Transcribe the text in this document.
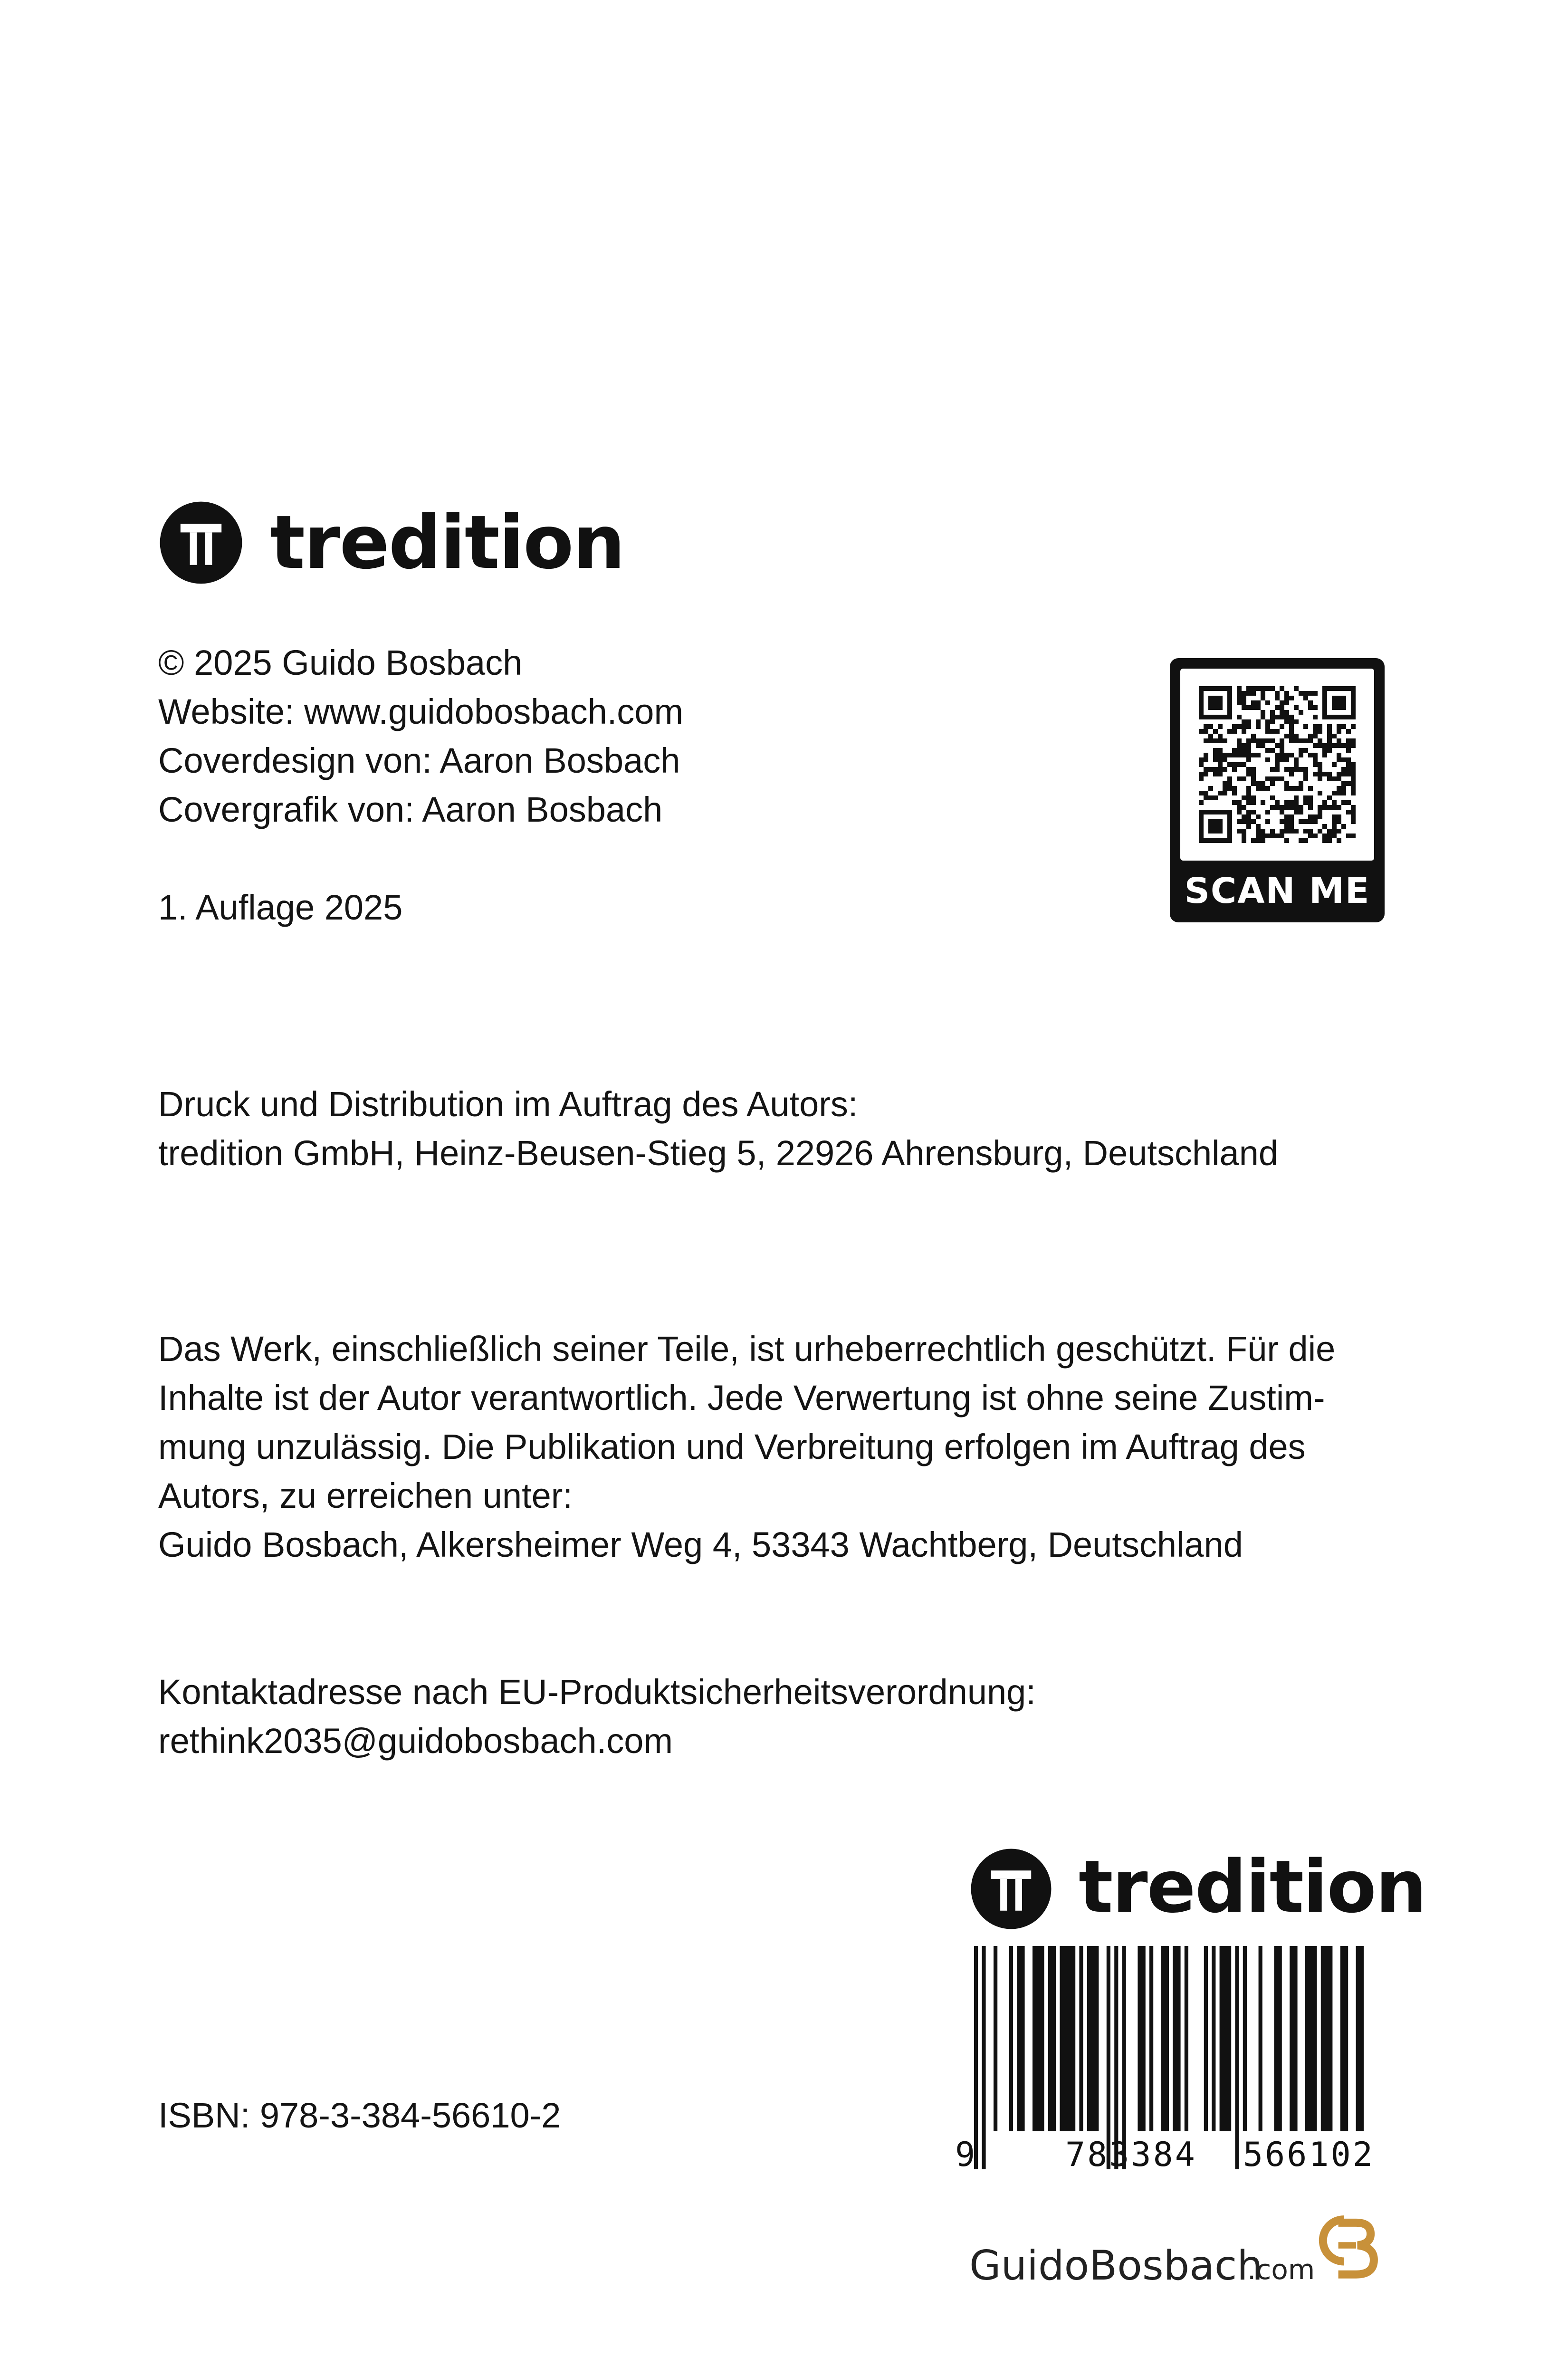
tredition
© 2025 Guido Bosbach
Website: www.guidobosbach.com
Coverdesign von: Aaron Bosbach
Covergrafik von: Aaron Bosbach
1. Auflage 2025	SCAN ME
Druck und Distribution im Auftrag des Autors:
tredition GmbH, Heinz-Beusen-Stieg 5, 22926 Ahrensburg, Deutschland
Das Werk, einschließlich seiner Teile, ist urheberrechtlich geschützt. Für die
Inhalte ist der Autor verantwortlich. Jede Verwertung ist ohne seine Zustim-
mung unzulässig. Die Publikation und Verbreitung erfolgen im Auftrag des
Autors, zu erreichen unter:
Guido Bosbach, Alkersheimer Weg 4, 53343 Wachtberg, Deutschland
Kontaktadresse nach EU-Produktsicherheitsverordnung:
rethink2035@guidobosbach.com
tredition
ISBN: 978-3-384-56610-2
9	783384 566102
GuidoBosbach
.com
